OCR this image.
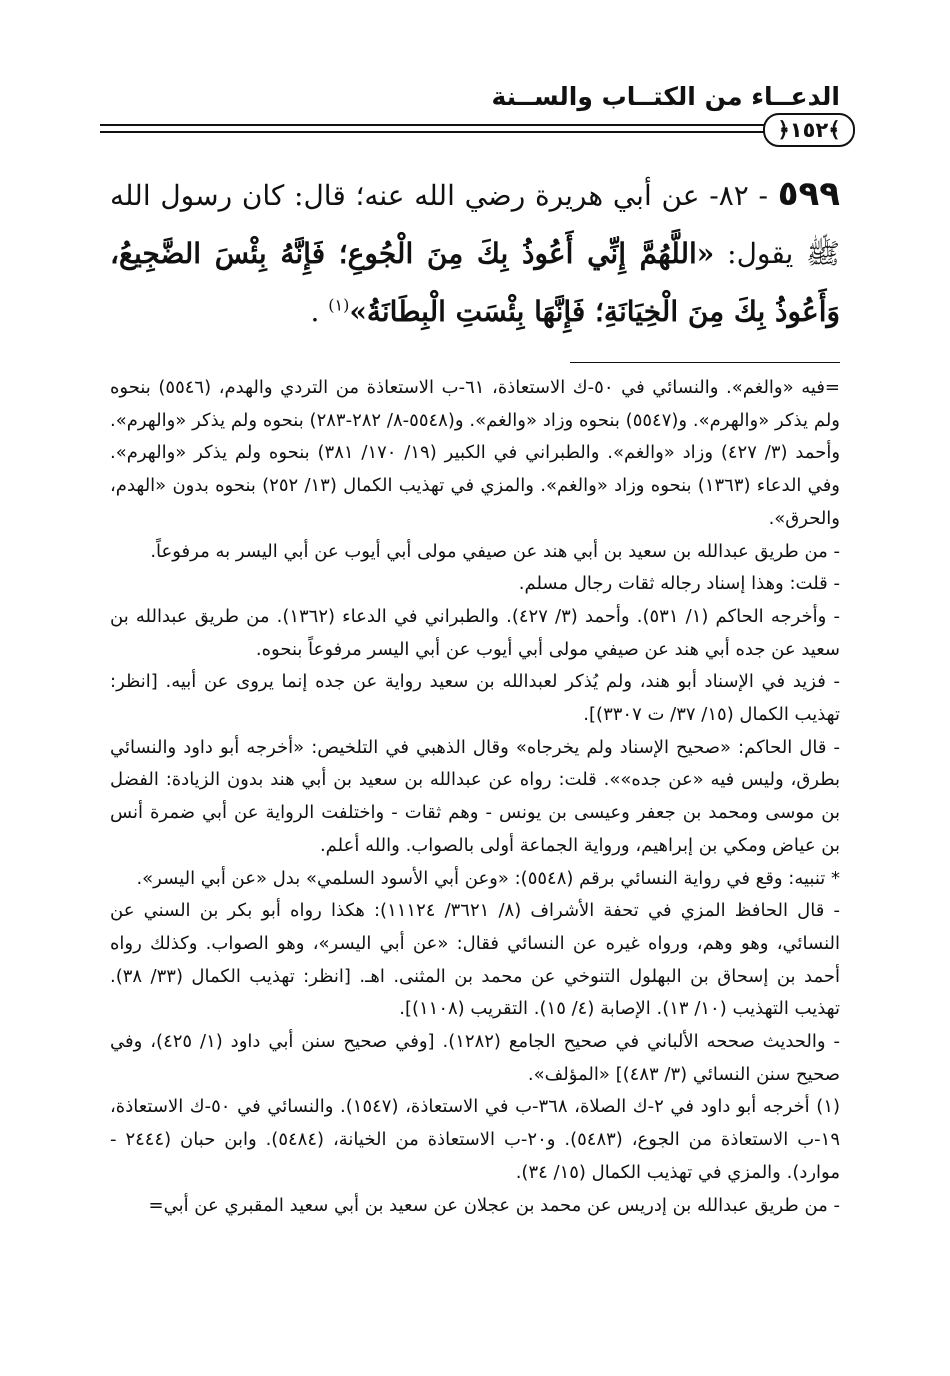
الدعــاء من الكتــاب والســنة
﴿١٥٢﴾
٥٩٩ - ٨٢- عن أبي هريرة رضي الله عنه؛ قال: كان رسول الله ﷺ يقول: «اللَّهُمَّ إِنِّي أَعُوذُ بِكَ مِنَ الْجُوعِ؛ فَإِنَّهُ بِئْسَ الضَّجِيعُ، وَأَعُوذُ بِكَ مِنَ الْخِيَانَةِ؛ فَإِنَّهَا بِئْسَتِ الْبِطَانَةُ»$^{(١)}$ .

=فيه «والغم». والنسائي في ٥٠-ك الاستعاذة، ٦١-ب الاستعاذة من التردي والهدم، (٥٥٤٦) بنحوه ولم يذكر «والهرم». و(٥٥٤٧) بنحوه وزاد «والغم». و(٥٥٤٨-٨/ ٢٨٢-٢٨٣) بنحوه ولم يذكر «والهرم». وأحمد (٣/ ٤٢٧) وزاد «والغم». والطبراني في الكبير (١٩/ ١٧٠/ ٣٨١) بنحوه ولم يذكر «والهرم». وفي الدعاء (١٣٦٣) بنحوه وزاد «والغم». والمزي في تهذيب الكمال (١٣/ ٢٥٢) بنحوه بدون «الهدم، والحرق».

- من طريق عبدالله بن سعيد بن أبي هند عن صيفي مولى أبي أيوب عن أبي اليسر به مرفوعاً.

- قلت: وهذا إسناد رجاله ثقات رجال مسلم.

- وأخرجه الحاكم (١/ ٥٣١). وأحمد (٣/ ٤٢٧). والطبراني في الدعاء (١٣٦٢). من طريق عبدالله بن سعيد عن جده أبي هند عن صيفي مولى أبي أيوب عن أبي اليسر مرفوعاً بنحوه.

- فزيد في الإسناد أبو هند، ولم يُذكر لعبدالله بن سعيد رواية عن جده إنما يروى عن أبيه. [انظر: تهذيب الكمال (١٥/ ٣٧/ ت ٣٣٠٧)].

- قال الحاكم: «صحيح الإسناد ولم يخرجاه» وقال الذهبي في التلخيص: «أخرجه أبو داود والنسائي بطرق، وليس فيه «عن جده»». قلت: رواه عن عبدالله بن سعيد بن أبي هند بدون الزيادة: الفضل بن موسى ومحمد بن جعفر وعيسى بن يونس - وهم ثقات - واختلفت الرواية عن أبي ضمرة أنس بن عياض ومكي بن إبراهيم، ورواية الجماعة أولى بالصواب. والله أعلم.

* تنبيه: وقع في رواية النسائي برقم (٥٥٤٨): «وعن أبي الأسود السلمي» بدل «عن أبي اليسر».

- قال الحافظ المزي في تحفة الأشراف (٨/ ٣٦٢١/ ١١١٢٤): هكذا رواه أبو بكر بن السني عن النسائي، وهو وهم، ورواه غيره عن النسائي فقال: «عن أبي اليسر»، وهو الصواب. وكذلك رواه أحمد بن إسحاق بن البهلول التنوخي عن محمد بن المثنى. اهـ. [انظر: تهذيب الكمال (٣٣/ ٣٨). تهذيب التهذيب (١٠/ ١٣). الإصابة (٤/ ١٥). التقريب (١١٠٨)].

- والحديث صححه الألباني في صحيح الجامع (١٢٨٢). [وفي صحيح سنن أبي داود (١/ ٤٢٥)، وفي صحيح سنن النسائي (٣/ ٤٨٣)] «المؤلف».

(١) أخرجه أبو داود في ٢-ك الصلاة، ٣٦٨-ب في الاستعاذة، (١٥٤٧). والنسائي في ٥٠-ك الاستعاذة، ١٩-ب الاستعاذة من الجوع، (٥٤٨٣). و٢٠-ب الاستعاذة من الخيانة، (٥٤٨٤). وابن حبان (٢٤٤٤ - موارد). والمزي في تهذيب الكمال (١٥/ ٣٤).

- من طريق عبدالله بن إدريس عن محمد بن عجلان عن سعيد بن أبي سعيد المقبري عن أبي=
